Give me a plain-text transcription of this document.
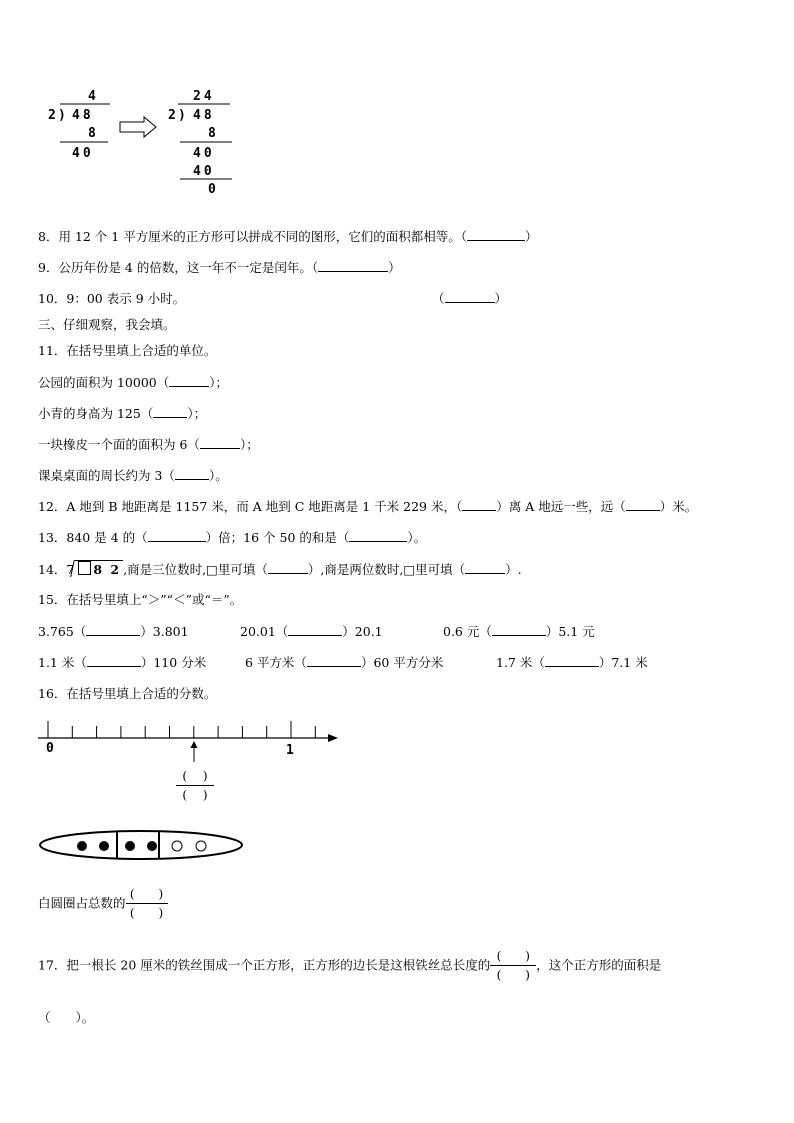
4
2 ) 48
8
40
24
2 ) 48
8
40
40
0
8．用 12 个 1 平方厘米的正方形可以拼成不同的图形，它们的面积都相等。（	）
9．公历年份是 4 的倍数，这一年不一定是闰年。（	）
10．9：00 表示 9 小时。	（	）
三、仔细观察，我会填。
11．在括号里填上合适的单位。
公园的面积为 10000（	）；
小青的身高为 125（	）；
一块橡皮一个面的面积为 6（	）；
课桌桌面的周长约为 3（	）。
12．A 地到 B 地距离是 1157 米，而 A 地到 C 地距离是 1 千米 229 米，（	）离 A 地远一些，远（	）米。
13．840 是 4 的（	）倍；16 个 50 的和是（	）。
14．7 8 2 ,商是三位数时,□里可填（	）,商是两位数时,□里可填（	）.
15．在括号里填上“＞”“＜”或“＝”。
3.765（	）3.801	20.01（	）20.1	0.6 元（	）5.1 元
1.1 米（	）110 分米	6 平方米（	）60 平方分米	1.7 米（	）7.1 米
16．在括号里填上合适的分数。
0	1
$\frac{( )}{( )}$
白圆圈占总数的 $\frac{( )}{( )}$
17．把一根长 20 厘米的铁丝围成一个正方形，正方形的边长是这根铁丝总长度的 $\frac{( )}{( )}$ ，这个正方形的面积是
（　　）。
